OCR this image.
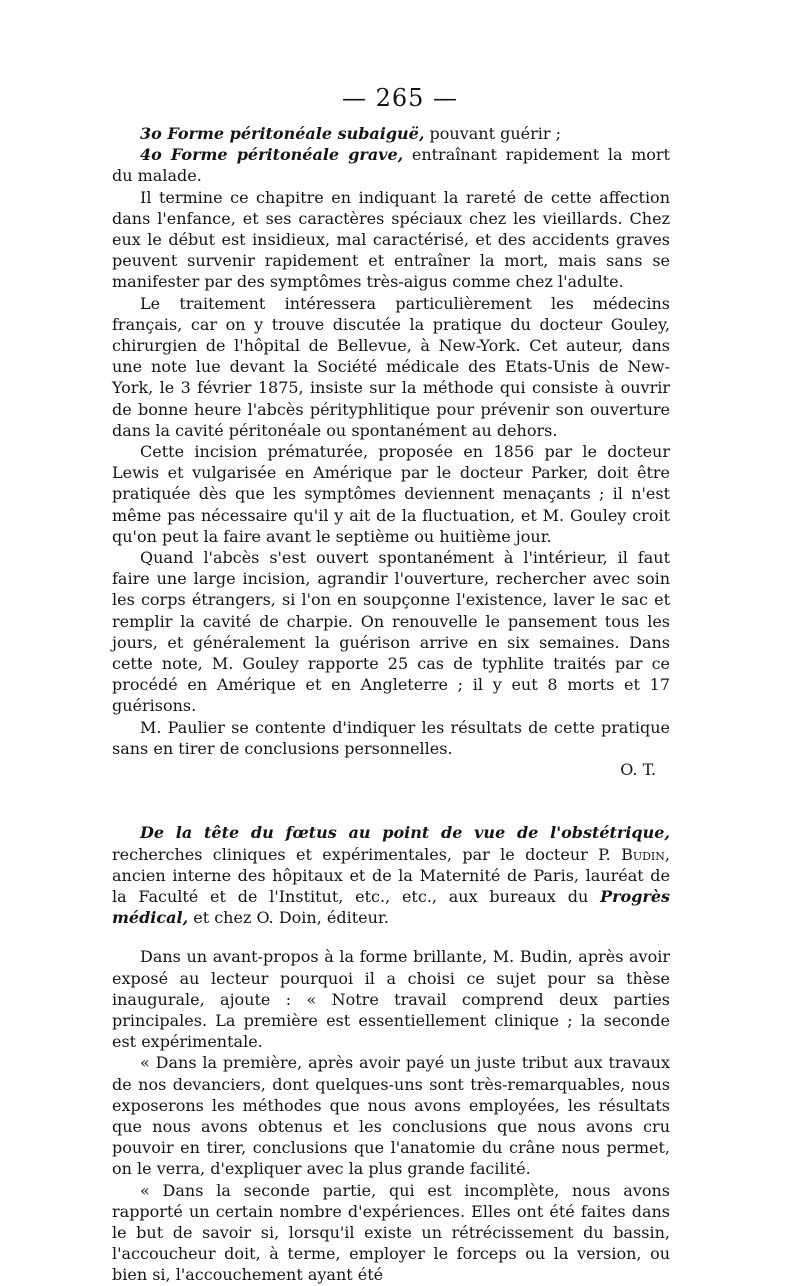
— 265 —

3o Forme péritonéale subaiguë, pouvant guérir ;

4o Forme péritonéale grave, entraînant rapidement la mort du malade.

Il termine ce chapitre en indiquant la rareté de cette affection dans l'enfance, et ses caractères spéciaux chez les vieillards. Chez eux le début est insidieux, mal caractérisé, et des accidents graves peuvent survenir rapidement et entraîner la mort, mais sans se manifester par des symptômes très-aigus comme chez l'adulte.

Le traitement intéressera particulièrement les médecins français, car on y trouve discutée la pratique du docteur Gouley, chirurgien de l'hôpital de Bellevue, à New-York. Cet auteur, dans une note lue devant la Société médicale des Etats-Unis de New-York, le 3 février 1875, insiste sur la méthode qui consiste à ouvrir de bonne heure l'abcès pérityphlitique pour prévenir son ouverture dans la cavité péritonéale ou spontanément au dehors.

Cette incision prématurée, proposée en 1856 par le docteur Lewis et vulgarisée en Amérique par le docteur Parker, doit être pratiquée dès que les symptômes deviennent menaçants ; il n'est même pas nécessaire qu'il y ait de la fluctuation, et M. Gouley croit qu'on peut la faire avant le septième ou huitième jour.

Quand l'abcès s'est ouvert spontanément à l'intérieur, il faut faire une large incision, agrandir l'ouverture, rechercher avec soin les corps étrangers, si l'on en soupçonne l'existence, laver le sac et remplir la cavité de charpie. On renouvelle le pansement tous les jours, et généralement la guérison arrive en six semaines. Dans cette note, M. Gouley rapporte 25 cas de typhlite traités par ce procédé en Amérique et en Angleterre ; il y eut 8 morts et 17 guérisons.

M. Paulier se contente d'indiquer les résultats de cette pratique sans en tirer de conclusions personnelles.

O. T.

De la tête du fœtus au point de vue de l'obstétrique, recherches cliniques et expérimentales, par le docteur P. Budin, ancien interne des hôpitaux et de la Maternité de Paris, lauréat de la Faculté et de l'Institut, etc., etc., aux bureaux du Progrès médical, et chez O. Doin, éditeur.

Dans un avant-propos à la forme brillante, M. Budin, après avoir exposé au lecteur pourquoi il a choisi ce sujet pour sa thèse inaugurale, ajoute : « Notre travail comprend deux parties principales. La première est essentiellement clinique ; la seconde est expérimentale.

« Dans la première, après avoir payé un juste tribut aux travaux de nos devanciers, dont quelques-uns sont très-remarquables, nous exposerons les méthodes que nous avons employées, les résultats que nous avons obtenus et les conclusions que nous avons cru pouvoir en tirer, conclusions que l'anatomie du crâne nous permet, on le verra, d'expliquer avec la plus grande facilité.

« Dans la seconde partie, qui est incomplète, nous avons rapporté un certain nombre d'expériences. Elles ont été faites dans le but de savoir si, lorsqu'il existe un rétrécissement du bassin, l'accoucheur doit, à terme, employer le forceps ou la version, ou bien si, l'accouchement ayant été
